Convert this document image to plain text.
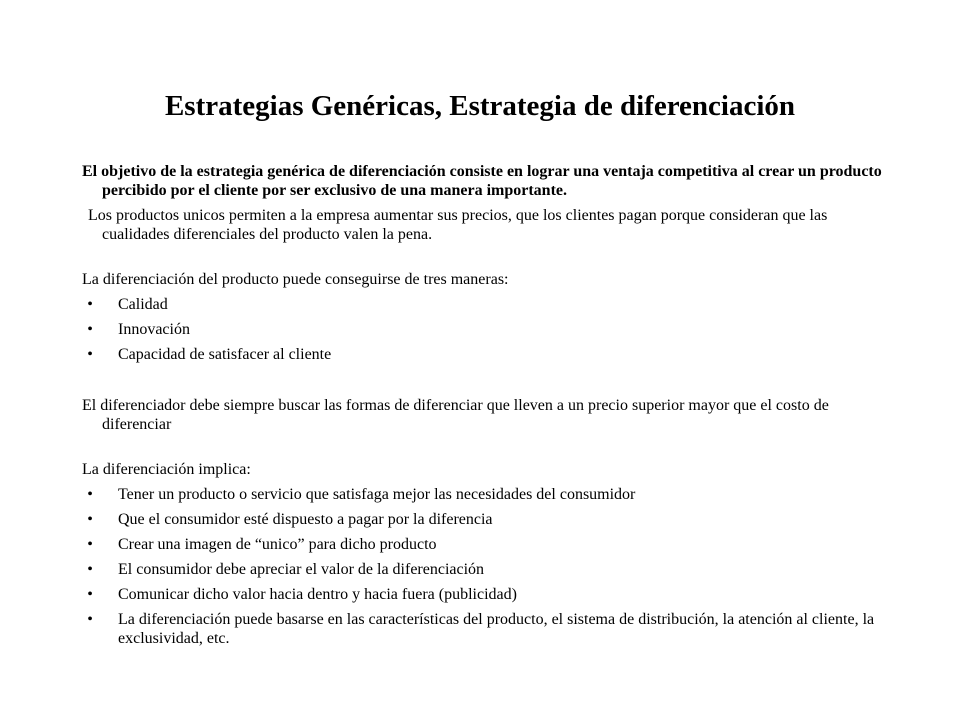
Estrategias Genéricas, Estrategia de diferenciación

El objetivo de la estrategia genérica de diferenciación consiste en lograr una ventaja competitiva al crear un producto percibido por el cliente por ser exclusivo de una manera importante.

Los productos unicos permiten a la empresa aumentar sus precios, que los clientes pagan porque consideran que las cualidades diferenciales del producto valen la pena.

La diferenciación del producto puede conseguirse de tres maneras:

•	Calidad
•	Innovación
•	Capacidad de satisfacer al cliente

El diferenciador debe siempre buscar las formas de diferenciar que lleven a un precio superior mayor que el costo de diferenciar

La diferenciación implica:

•	Tener un producto o servicio que satisfaga mejor las necesidades del consumidor
•	Que el consumidor esté dispuesto a pagar por la diferencia
•	Crear una imagen de “unico” para dicho producto
•	El consumidor debe apreciar el valor de la diferenciación
•	Comunicar dicho valor hacia dentro y hacia fuera (publicidad)
•	La diferenciación puede basarse en las características del producto, el sistema de distribución, la atención al cliente, la exclusividad, etc.
